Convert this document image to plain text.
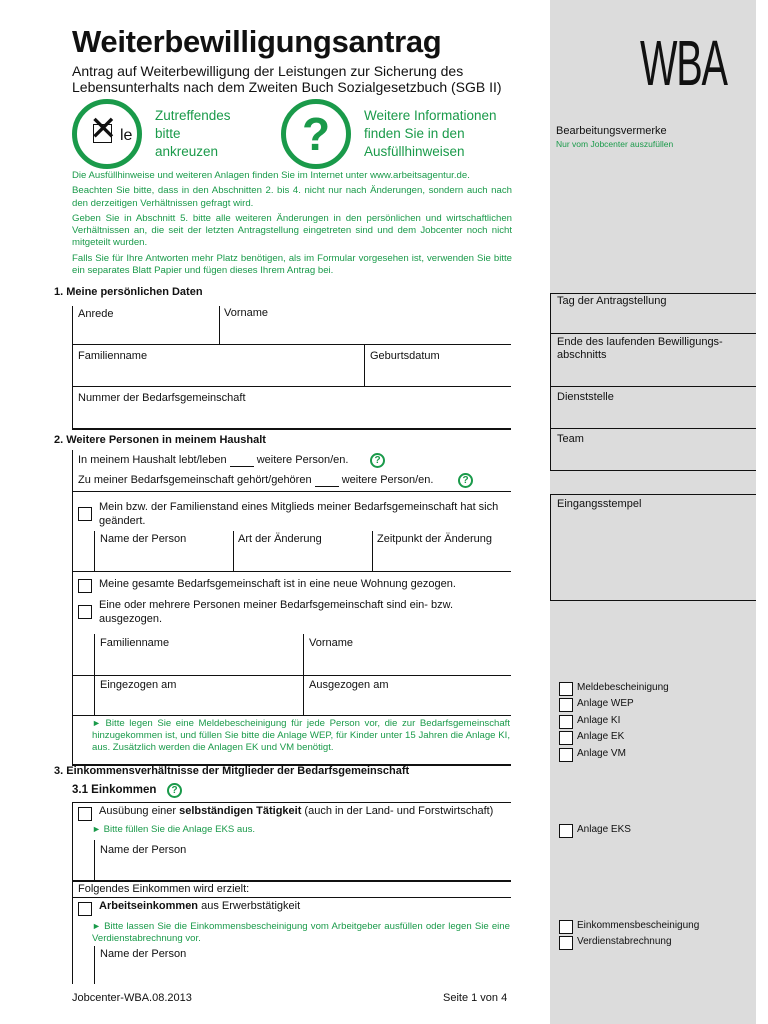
Weiterbewilligungsantrag
Antrag auf Weiterbewilligung der Leistungen zur Sicherung des Lebensunterhalts nach dem Zweiten Buch Sozialgesetzbuch (SGB II)	WBA
✕ le
Zutreffendes
bitte
ankreuzen	?	Weitere Informationen
finden Sie in den
Ausfüllhinweisen

Die Ausfüllhinweise und weiteren Anlagen finden Sie im Internet unter www.arbeitsagentur.de.

Beachten Sie bitte, dass in den Abschnitten 2. bis 4. nicht nur nach Änderungen, sondern auch nach den derzeitigen Verhältnissen gefragt wird.

Geben Sie in Abschnitt 5. bitte alle weiteren Änderungen in den persönlichen und wirtschaftlichen Verhältnissen an, die seit der letzten Antragstellung eingetreten sind und dem Jobcenter noch nicht mitgeteilt wurden.

Falls Sie für Ihre Antworten mehr Platz benötigen, als im Formular vorgesehen ist, verwenden Sie bitte ein separates Blatt Papier und fügen dieses Ihrem Antrag bei.

1. Meine persönlichen Daten
Anrede	Vorname
Familienname	Geburtsdatum
Nummer der Bedarfsgemeinschaft
2. Weitere Personen in meinem Haushalt
In meinem Haushalt lebt/leben	weitere Person/en.	?
Zu meiner Bedarfsgemeinschaft gehört/gehören	weitere Person/en.	?
Mein bzw. der Familienstand eines Mitglieds meiner Bedarfsgemeinschaft hat sich geändert.
Name der Person	Art der Änderung	Zeitpunkt der Änderung
Meine gesamte Bedarfsgemeinschaft ist in eine neue Wohnung gezogen.
Eine oder mehrere Personen meiner Bedarfsgemeinschaft sind ein- bzw. ausgezogen.
Familienname	Vorname
Eingezogen am	Ausgezogen am
► Bitte legen Sie eine Meldebescheinigung für jede Person vor, die zur Bedarfsgemeinschaft hinzugekommen ist, und füllen Sie bitte die Anlage WEP, für Kinder unter 15 Jahren die Anlage KI, aus. Zusätzlich werden die Anlagen EK und VM benötigt.
3. Einkommensverhältnisse der Mitglieder der Bedarfsgemeinschaft
3.1 Einkommen	?
Ausübung einer selbständigen Tätigkeit (auch in der Land- und Forstwirtschaft)
► Bitte füllen Sie die Anlage EKS aus.
Name der Person
Folgendes Einkommen wird erzielt:
Arbeitseinkommen aus Erwerbstätigkeit
► Bitte lassen Sie die Einkommensbescheinigung vom Arbeitgeber ausfüllen oder legen Sie eine Verdienstabrechnung vor.
Name der Person
Jobcenter-WBA.08.2013	Seite 1 von 4
Bearbeitungsvermerke
Nur vom Jobcenter auszufüllen
Tag der Antragstellung
Ende des laufenden Bewilligungs-abschnitts
Dienststelle
Team
Eingangsstempel
Meldebescheinigung
Anlage WEP
Anlage KI
Anlage EK
Anlage VM
Anlage EKS
Einkommensbescheinigung
Verdienstabrechnung
